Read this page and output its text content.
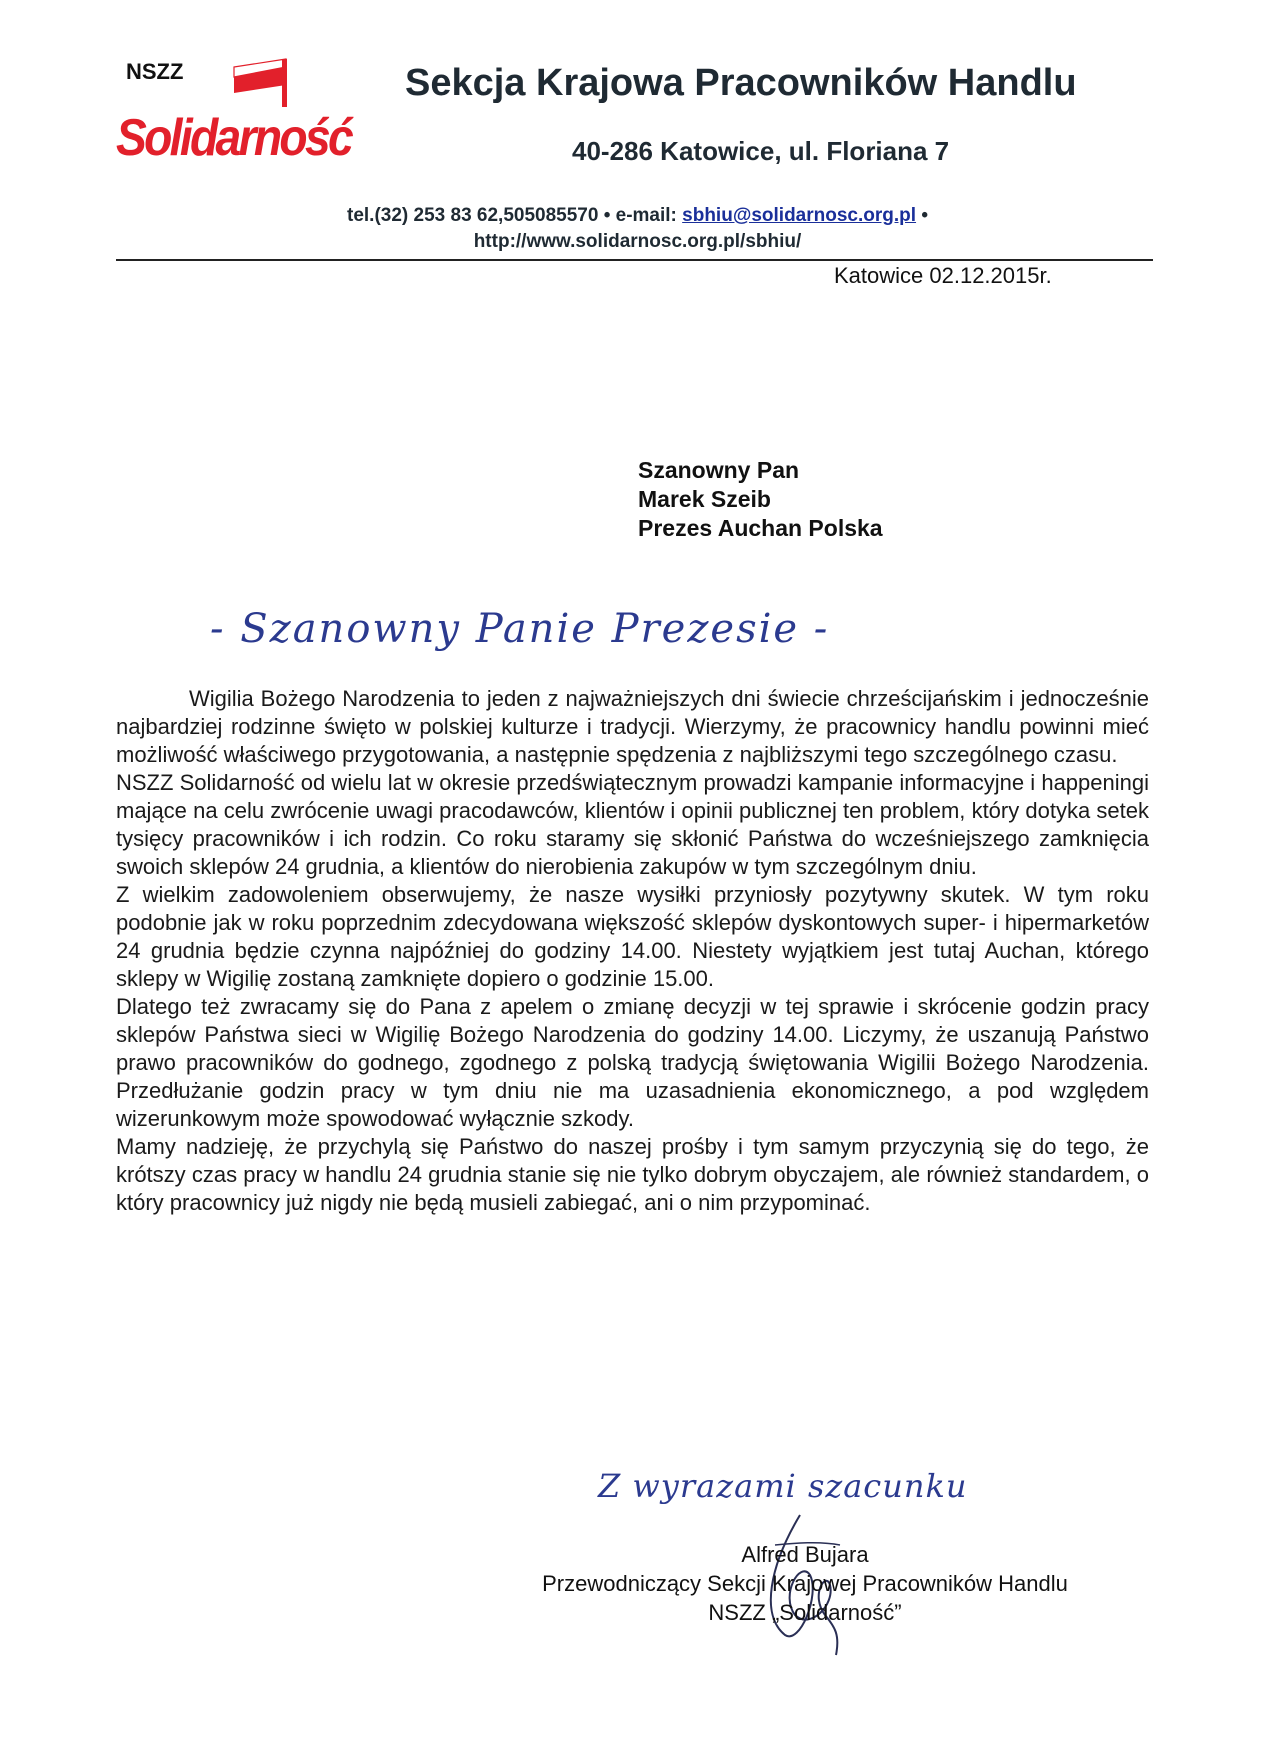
Solidarność
NSZZ	Sekcja Krajowa Pracowników Handlu
40-286 Katowice, ul. Floriana 7
tel.(32) 253 83 62,505085570 • e-mail: sbhiu@solidarnosc.org.pl •
http://www.solidarnosc.org.pl/sbhiu/
Katowice 02.12.2015r.
Szanowny Pan
Marek Szeib
Prezes Auchan Polska
- Szanowny Panie Prezesie -

Wigilia Bożego Narodzenia to jeden z najważniejszych dni świecie chrześcijańskim i jednocześnie najbardziej rodzinne święto w polskiej kulturze i tradycji. Wierzymy, że pracownicy handlu powinni mieć możliwość właściwego przygotowania, a następnie spędzenia z najbliższymi tego szczególnego czasu.

NSZZ Solidarność od wielu lat w okresie przedświątecznym prowadzi kampanie informacyjne i happeningi mające na celu zwrócenie uwagi pracodawców, klientów i opinii publicznej ten problem, który dotyka setek tysięcy pracowników i ich rodzin. Co roku staramy się skłonić Państwa do wcześniejszego zamknięcia swoich sklepów 24 grudnia, a klientów do nierobienia zakupów w tym szczególnym dniu.

Z wielkim zadowoleniem obserwujemy, że nasze wysiłki przyniosły pozytywny skutek. W tym roku podobnie jak w roku poprzednim zdecydowana większość sklepów dyskontowych super- i hipermarketów 24 grudnia będzie czynna najpóźniej do godziny 14.00. Niestety wyjątkiem jest tutaj Auchan, którego sklepy w Wigilię zostaną zamknięte dopiero o godzinie 15.00.

Dlatego też zwracamy się do Pana z apelem o zmianę decyzji w tej sprawie i skrócenie godzin pracy sklepów Państwa sieci w Wigilię Bożego Narodzenia do godziny 14.00. Liczymy, że uszanują Państwo prawo pracowników do godnego, zgodnego z polską tradycją świętowania Wigilii Bożego Narodzenia. Przedłużanie godzin pracy w tym dniu nie ma uzasadnienia ekonomicznego, a pod względem wizerunkowym może spowodować wyłącznie szkody.

Mamy nadzieję, że przychylą się Państwo do naszej prośby i tym samym przyczynią się do tego, że krótszy czas pracy w handlu 24 grudnia stanie się nie tylko dobrym obyczajem, ale również standardem, o który pracownicy już nigdy nie będą musieli zabiegać, ani o nim przypominać.

Z wyrazami szacunku
Alfred Bujara
Przewodniczący Sekcji Krajowej Pracowników Handlu
NSZZ „Solidarność”
